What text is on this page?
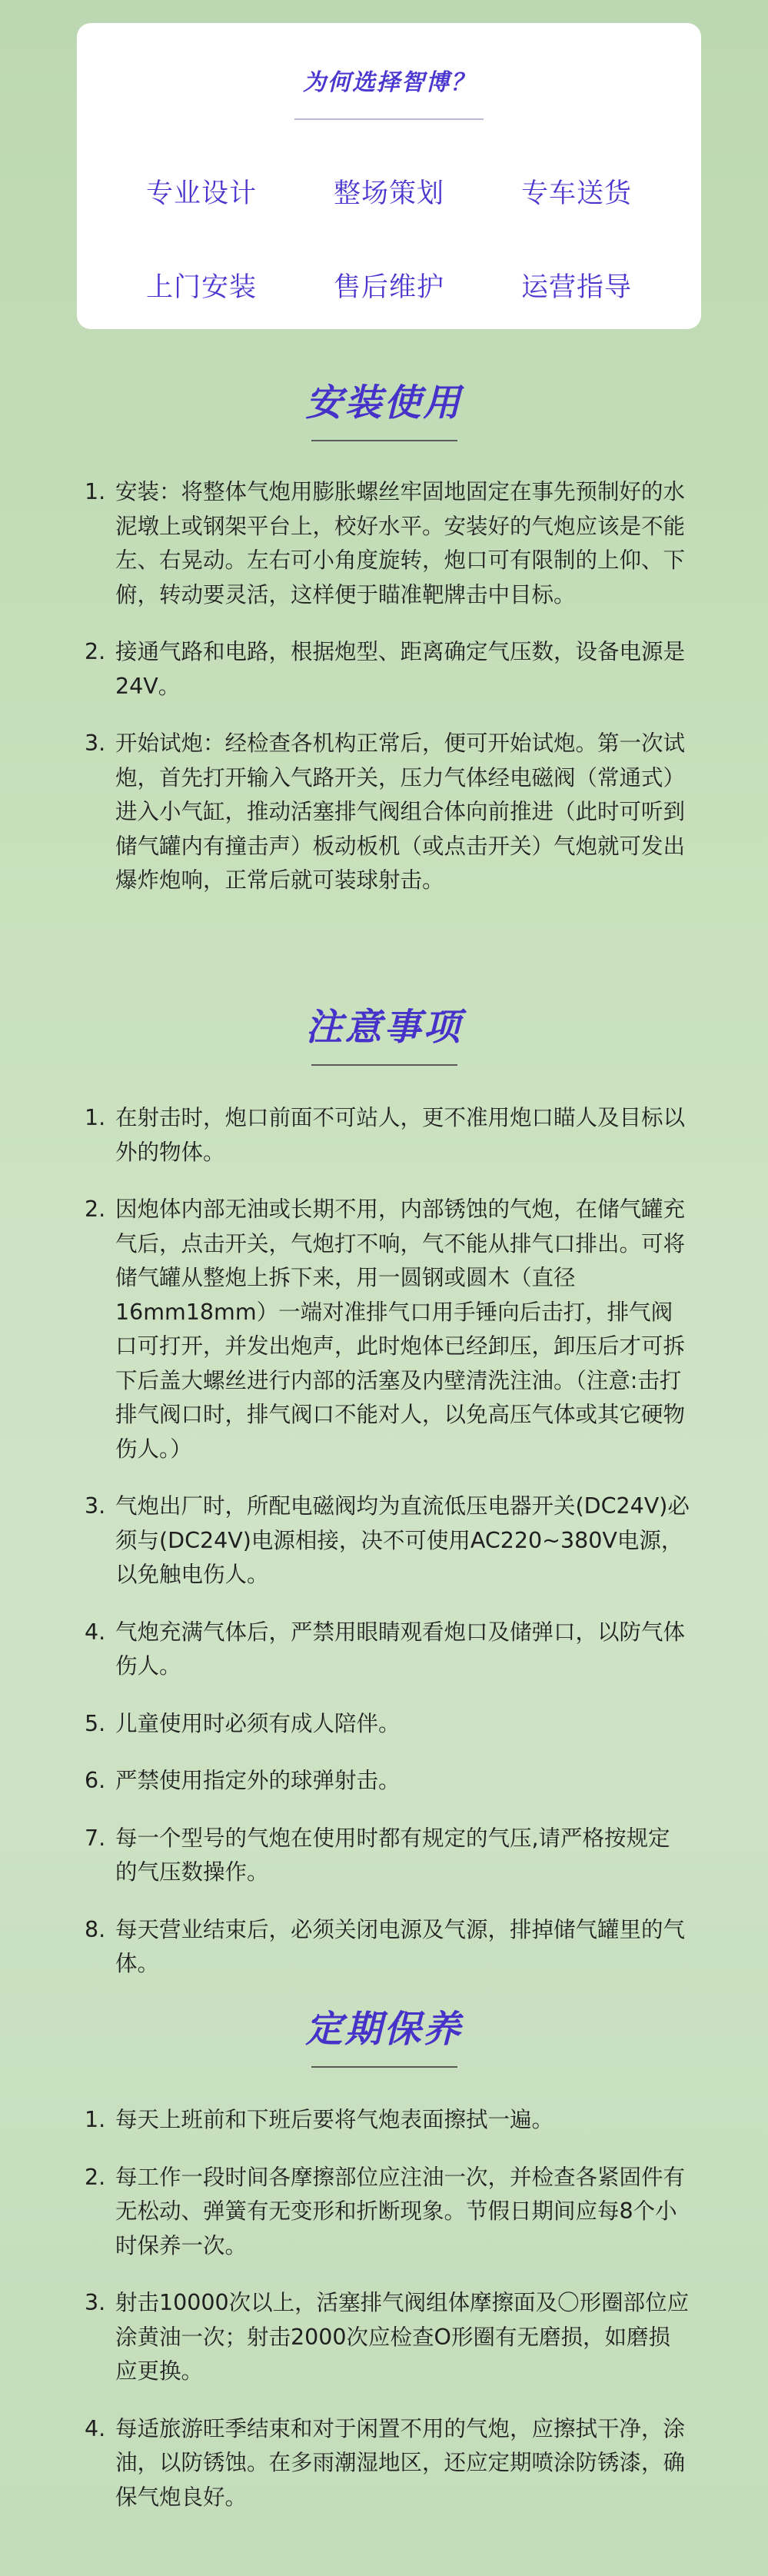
为何选择智博？
专业设计	整场策划	专车送货
上门安装	售后维护	运营指导
安装使用
1. 安装：将整体气炮用膨胀螺丝牢固地固定在事先预制好的水泥墩上或钢架平台上，校好水平。安装好的气炮应该是不能左、右晃动。左右可小角度旋转，炮口可有限制的上仰、下俯，转动要灵活，这样便于瞄准靶牌击中目标。
2. 接通气路和电路，根据炮型、距离确定气压数，设备电源是24V。
3. 开始试炮：经检查各机构正常后，便可开始试炮。第一次试炮，首先打开输入气路开关，压力气体经电磁阀（常通式）进入小气缸，推动活塞排气阀组合体向前推进（此时可听到储气罐内有撞击声）板动板机（或点击开关）气炮就可发出爆炸炮响，正常后就可装球射击。
注意事项
1. 在射击时，炮口前面不可站人，更不准用炮口瞄人及目标以外的物体。
2. 因炮体内部无油或长期不用，内部锈蚀的气炮，在储气罐充气后，点击开关，气炮打不响，气不能从排气口排出。可将储气罐从整炮上拆下来，用一圆钢或圆木（直径16mm18mm）一端对准排气口用手锤向后击打，排气阀口可打开，并发出炮声，此时炮体已经卸压，卸压后才可拆下后盖大螺丝进行内部的活塞及内壁清洗注油。（注意:击打排气阀口时，排气阀口不能对人，以免高压气体或其它硬物伤人。）
3. 气炮出厂时，所配电磁阀均为直流低压电器开关(DC24V)必须与(DC24V)电源相接，决不可使用AC220~380V电源，以免触电伤人。
4. 气炮充满气体后，严禁用眼睛观看炮口及储弹口，以防气体伤人。
5. 儿童使用时必须有成人陪伴。
6. 严禁使用指定外的球弹射击。
7. 每一个型号的气炮在使用时都有规定的气压,请严格按规定的气压数操作。
8. 每天营业结束后，必须关闭电源及气源，排掉储气罐里的气体。
定期保养
1. 每天上班前和下班后要将气炮表面擦拭一遍。
2. 每工作一段时间各摩擦部位应注油一次，并检查各紧固件有无松动、弹簧有无变形和折断现象。节假日期间应每8个小时保养一次。
3. 射击10000次以上，活塞排气阀组体摩擦面及〇形圈部位应涂黄油一次；射击2000次应检查O形圈有无磨损，如磨损应更换。
4. 每适旅游旺季结束和对于闲置不用的气炮，应擦拭干净，涂油，以防锈蚀。在多雨潮湿地区，还应定期喷涂防锈漆，确保气炮良好。
